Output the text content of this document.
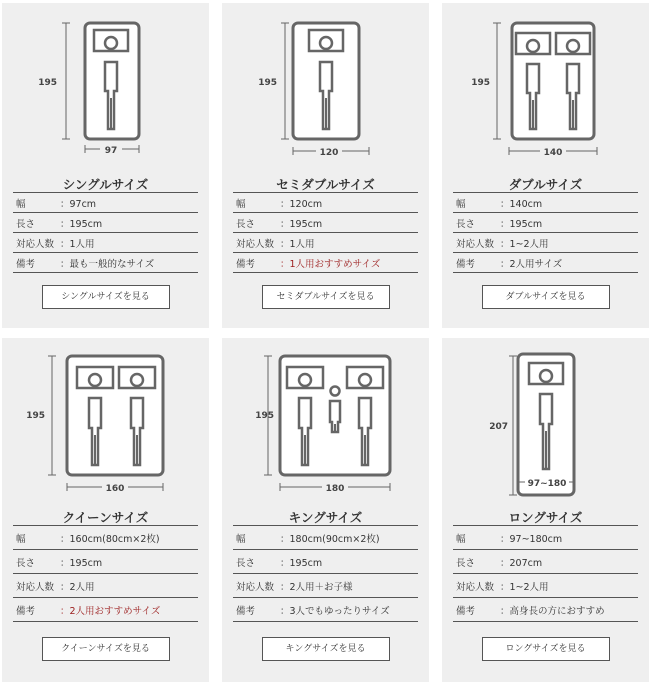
195
97
シングルサイズ
幅	：97cm
長さ	：195cm
対応人数 ：1人用
備考	：最も一般的なサイズ
シングルサイズを見る
195
120
セミダブルサイズ
幅	：120cm
長さ	：195cm
対応人数 ：1人用
備考	：1人用おすすめサイズ
セミダブルサイズを見る
195
140
ダブルサイズ
幅	：140cm
長さ	：195cm
対応人数 ：1~2人用
備考	：2人用サイズ
ダブルサイズを見る
195
160
クイーンサイズ
幅	：160cm(80cm×2枚)
長さ	：195cm
対応人数 ：2人用
備考	：2人用おすすめサイズ
クイーンサイズを見る
195
180
キングサイズ
幅	：180cm(90cm×2枚)
長さ	：195cm
対応人数 ：2人用＋お子様
備考	：3人でもゆったりサイズ
キングサイズを見る
207
97~180
ロングサイズ
幅	：97~180cm
長さ	：207cm
対応人数 ：1~2人用
備考	：高身長の方におすすめ
ロングサイズを見る
